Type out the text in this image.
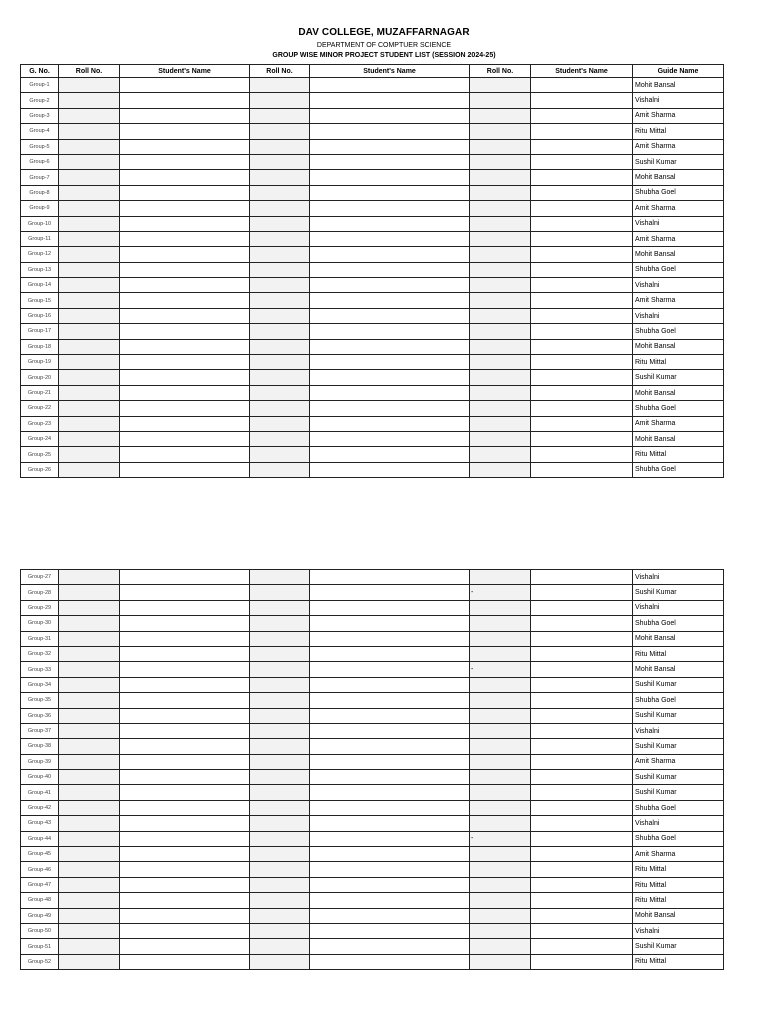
DAV COLLEGE, MUZAFFARNAGAR
DEPARTMENT OF COMPTUER SCIENCE
GROUP WISE MINOR PROJECT STUDENT LIST (SESSION 2024-25)
G. No.	Roll No.	Student's Name	Roll No.	Student's Name	Roll No.	Student's Name	Guide Name
Group-1							Mohit Bansal
Group-2							Vishalni
Group-3							Amit Sharma
Group-4							Ritu Mittal
Group-5							Amit Sharma
Group-6							Sushil Kumar
Group-7							Mohit Bansal
Group-8							Shubha Goel
Group-9							Amit Sharma
Group-10							Vishalni
Group-11							Amit Sharma
Group-12							Mohit Bansal
Group-13							Shubha Goel
Group-14							Vishalni
Group-15							Amit Sharma
Group-16							Vishalni
Group-17							Shubha Goel
Group-18							Mohit Bansal
Group-19							Ritu Mittal
Group-20							Sushil Kumar
Group-21							Mohit Bansal
Group-22							Shubha Goel
Group-23							Amit Sharma
Group-24							Mohit Bansal
Group-25							Ritu Mittal
Group-26							Shubha Goel
Group-27							Vishalni
Group-28					-		Sushil Kumar
Group-29							Vishalni
Group-30							Shubha Goel
Group-31							Mohit Bansal
Group-32							Ritu Mittal
Group-33					-		Mohit Bansal
Group-34							Sushil Kumar
Group-35							Shubha Goel
Group-36							Sushil Kumar
Group-37							Vishalni
Group-38							Sushil Kumar
Group-39							Amit Sharma
Group-40							Sushil Kumar
Group-41							Sushil Kumar
Group-42							Shubha Goel
Group-43							Vishalni
Group-44					-		Shubha Goel
Group-45							Amit Sharma
Group-46							Ritu Mittal
Group-47							Ritu Mittal
Group-48							Ritu Mittal
Group-49							Mohit Bansal
Group-50							Vishalni
Group-51							Sushil Kumar
Group-52							Ritu Mittal
